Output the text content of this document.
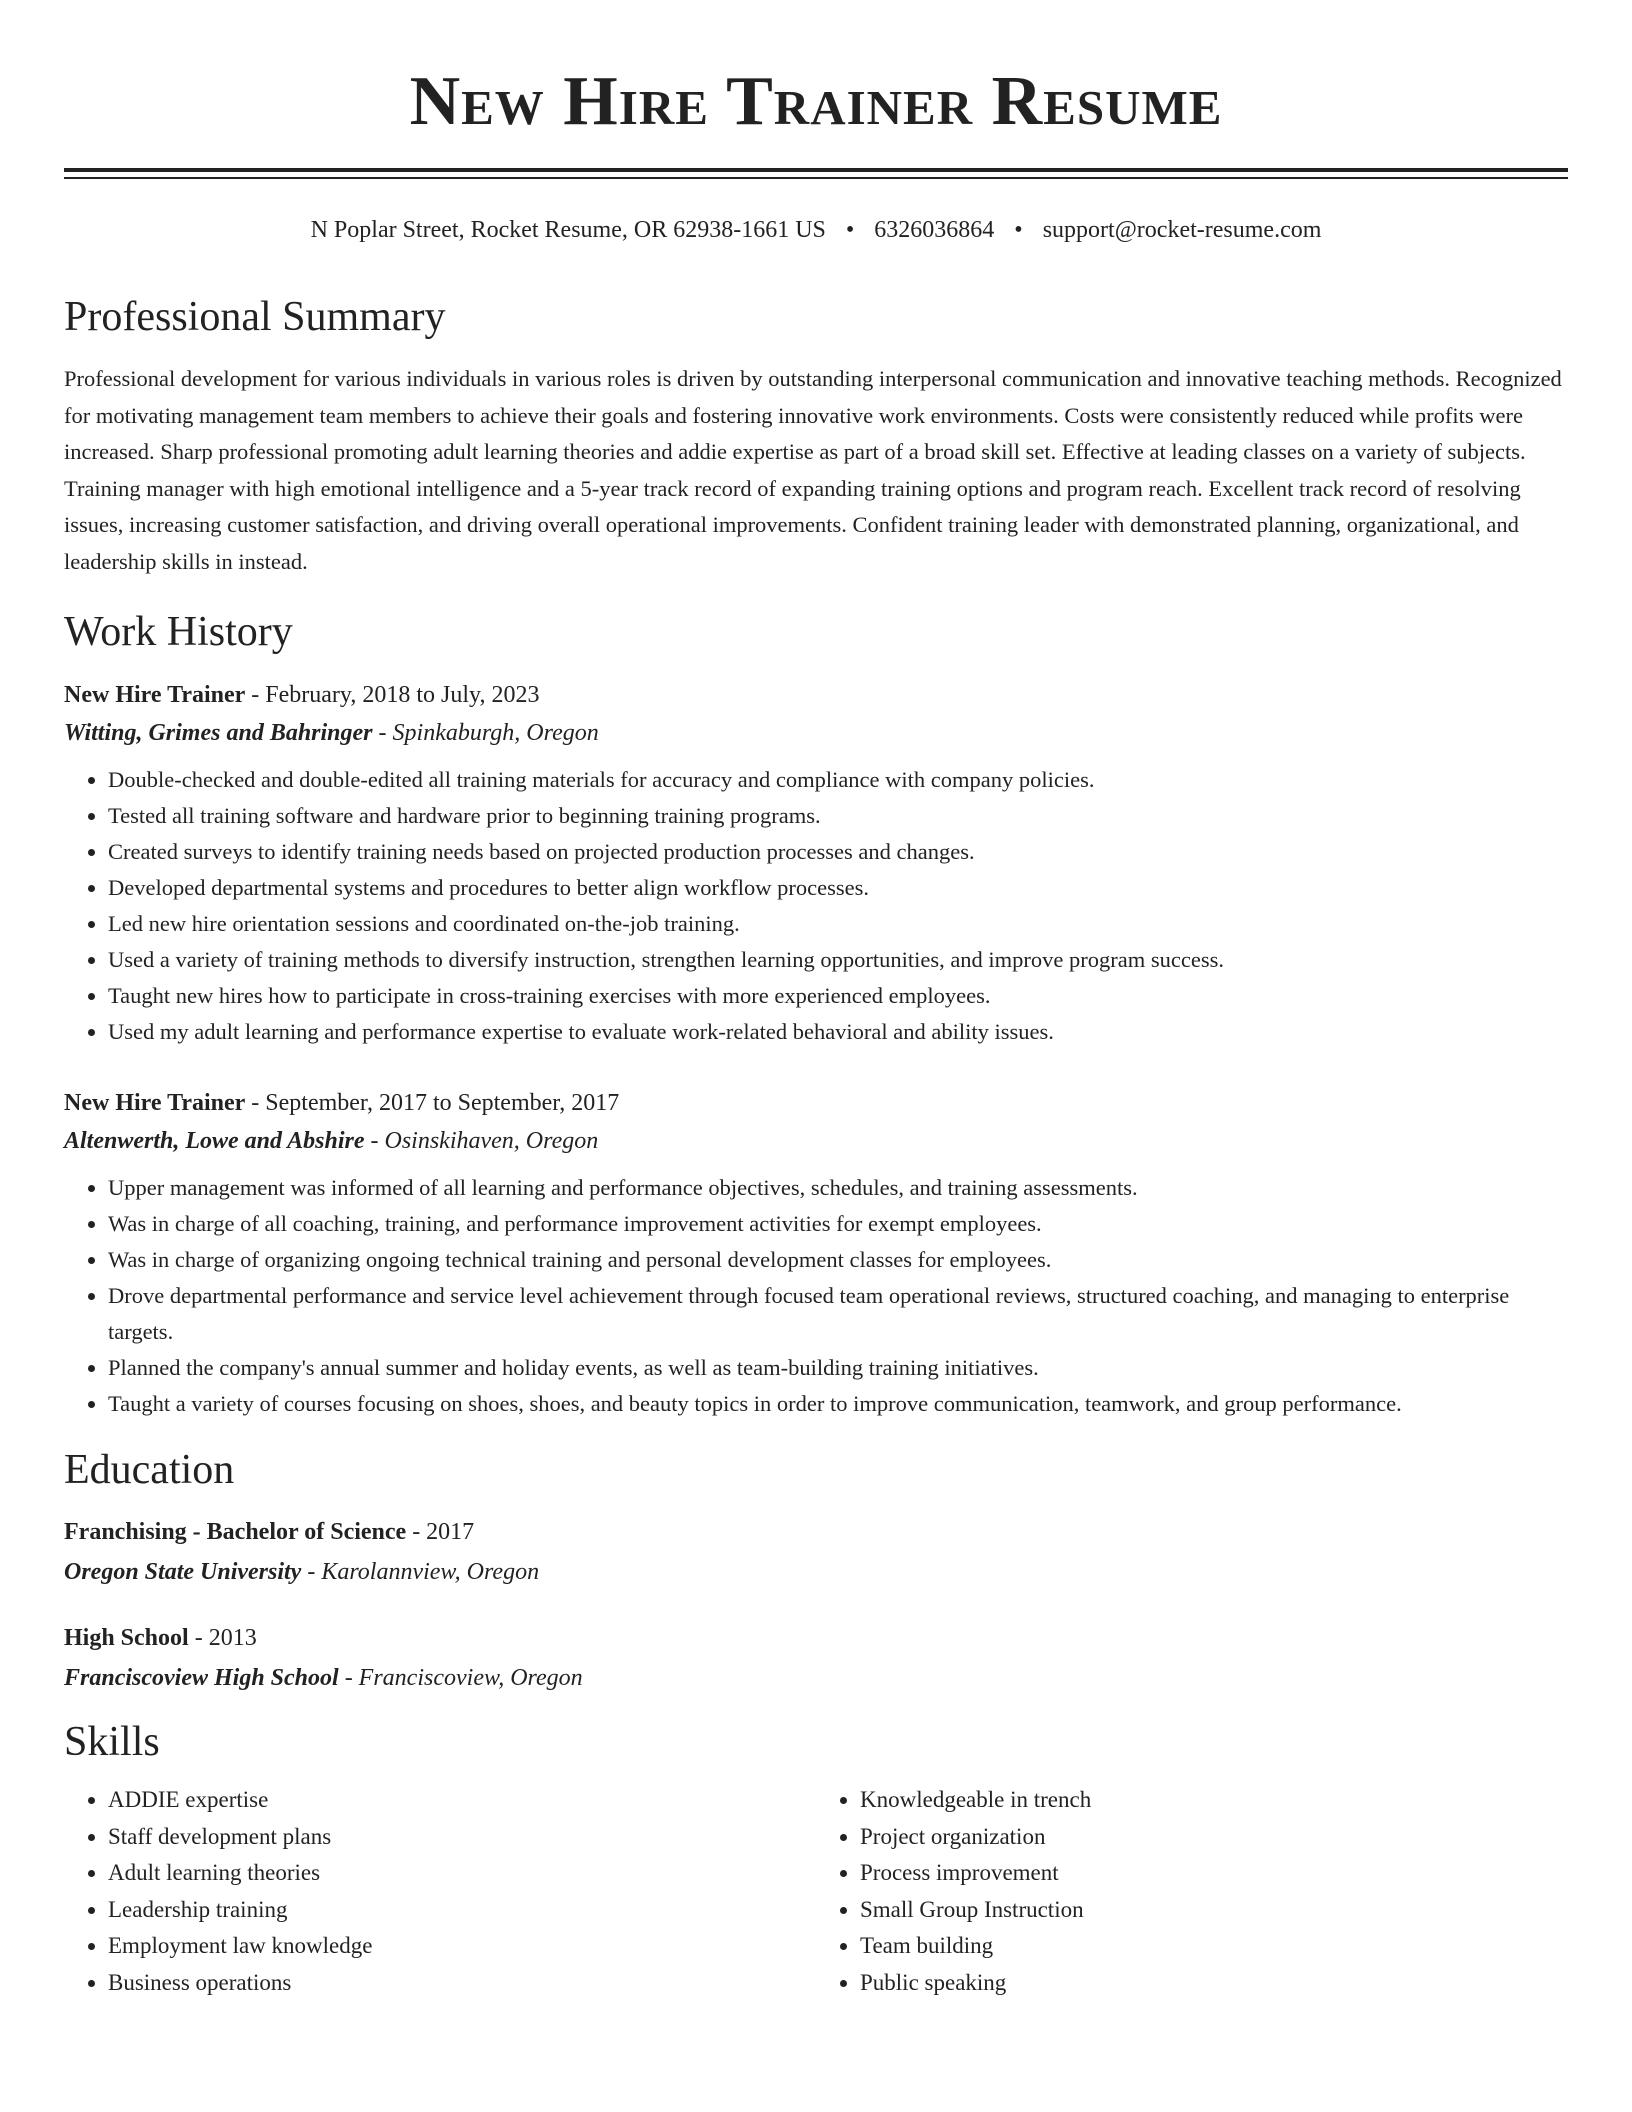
New Hire Trainer Resume
N Poplar Street, Rocket Resume, OR 62938-1661 US • 6326036864 • support@rocket-resume.com
Professional Summary
Professional development for various individuals in various roles is driven by outstanding interpersonal communication and innovative teaching methods. Recognized for motivating management team members to achieve their goals and fostering innovative work environments. Costs were consistently reduced while profits were increased. Sharp professional promoting adult learning theories and addie expertise as part of a broad skill set. Effective at leading classes on a variety of subjects. Training manager with high emotional intelligence and a 5-year track record of expanding training options and program reach. Excellent track record of resolving issues, increasing customer satisfaction, and driving overall operational improvements. Confident training leader with demonstrated planning, organizational, and leadership skills in instead.
Work History
New Hire Trainer - February, 2018 to July, 2023
Witting, Grimes and Bahringer - Spinkaburgh, Oregon
• Double-checked and double-edited all training materials for accuracy and compliance with company policies.
• Tested all training software and hardware prior to beginning training programs.
• Created surveys to identify training needs based on projected production processes and changes.
• Developed departmental systems and procedures to better align workflow processes.
• Led new hire orientation sessions and coordinated on-the-job training.
• Used a variety of training methods to diversify instruction, strengthen learning opportunities, and improve program success.
• Taught new hires how to participate in cross-training exercises with more experienced employees.
• Used my adult learning and performance expertise to evaluate work-related behavioral and ability issues.
New Hire Trainer - September, 2017 to September, 2017
Altenwerth, Lowe and Abshire - Osinskihaven, Oregon
• Upper management was informed of all learning and performance objectives, schedules, and training assessments.
• Was in charge of all coaching, training, and performance improvement activities for exempt employees.
• Was in charge of organizing ongoing technical training and personal development classes for employees.
• Drove departmental performance and service level achievement through focused team operational reviews, structured coaching, and managing to enterprise targets.
• Planned the company's annual summer and holiday events, as well as team-building training initiatives.
• Taught a variety of courses focusing on shoes, shoes, and beauty topics in order to improve communication, teamwork, and group performance.
Education
Franchising - Bachelor of Science - 2017
Oregon State University - Karolannview, Oregon
High School - 2013
Franciscoview High School - Franciscoview, Oregon
Skills
• ADDIE expertise
• Staff development plans
• Adult learning theories
• Leadership training
• Employment law knowledge
• Business operations
• Knowledgeable in trench
• Project organization
• Process improvement
• Small Group Instruction
• Team building
• Public speaking
